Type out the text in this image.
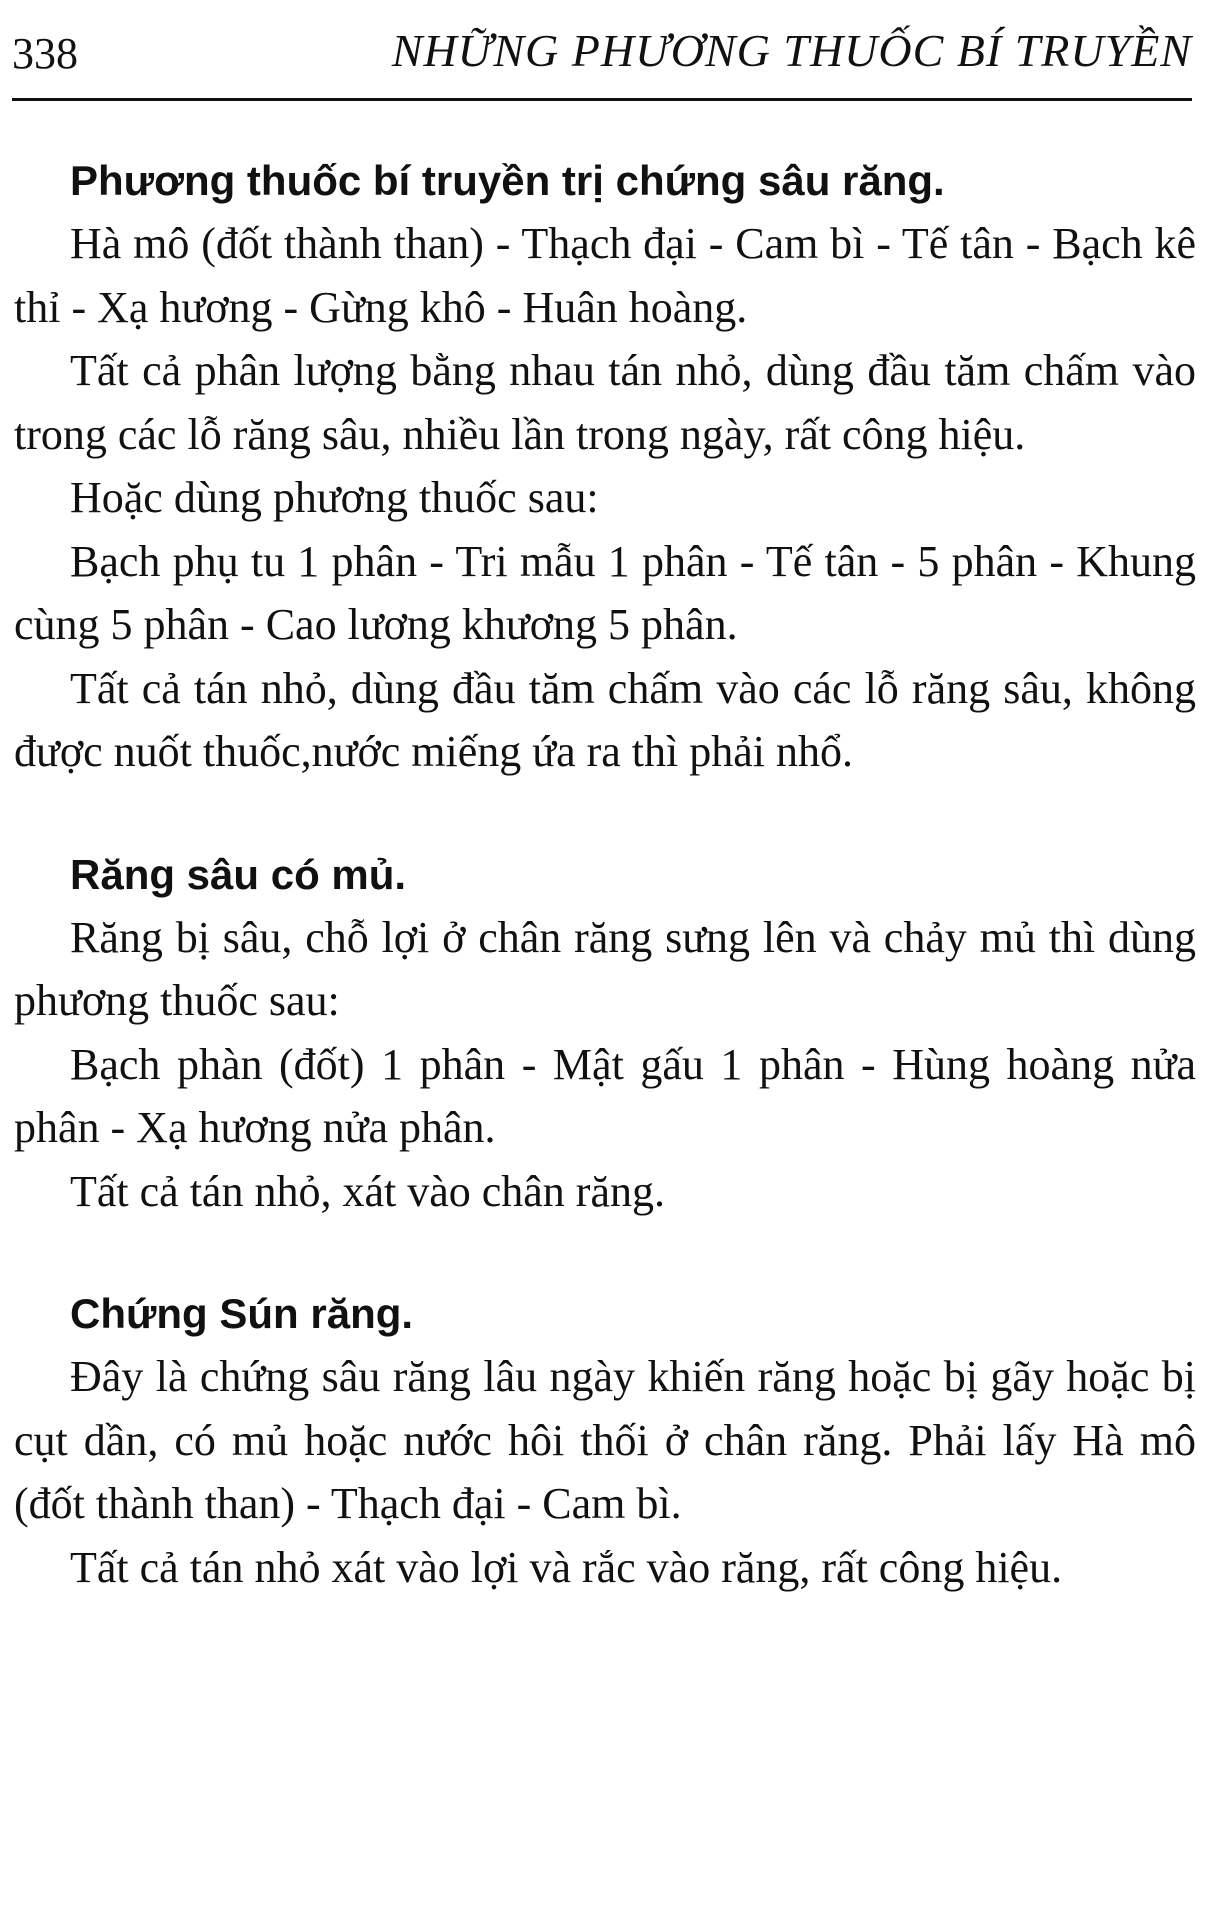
338	NHỮNG PHƯƠNG THUỐC BÍ TRUYỀN
Phương thuốc bí truyền trị chứng sâu răng.

Hà mô (đốt thành than) - Thạch đại - Cam bì - Tế tân - Bạch kê thỉ - Xạ hương - Gừng khô - Huân hoàng.

Tất cả phân lượng bằng nhau tán nhỏ, dùng đầu tăm chấm vào trong các lỗ răng sâu, nhiều lần trong ngày, rất công hiệu.

Hoặc dùng phương thuốc sau:

Bạch phụ tu 1 phân - Tri mẫu 1 phân - Tế tân - 5 phân - Khung cùng 5 phân - Cao lương khương 5 phân.

Tất cả tán nhỏ, dùng đầu tăm chấm vào các lỗ răng sâu, không được nuốt thuốc,nước miếng ứa ra thì phải nhổ.

Răng sâu có mủ.

Răng bị sâu, chỗ lợi ở chân răng sưng lên và chảy mủ thì dùng phương thuốc sau:

Bạch phàn (đốt) 1 phân - Mật gấu 1 phân - Hùng hoàng nửa phân - Xạ hương nửa phân.

Tất cả tán nhỏ, xát vào chân răng.

Chứng Sún răng.

Đây là chứng sâu răng lâu ngày khiến răng hoặc bị gãy hoặc bị cụt dần, có mủ hoặc nước hôi thối ở chân răng. Phải lấy Hà mô (đốt thành than) - Thạch đại - Cam bì.

Tất cả tán nhỏ xát vào lợi và rắc vào răng, rất công hiệu.
